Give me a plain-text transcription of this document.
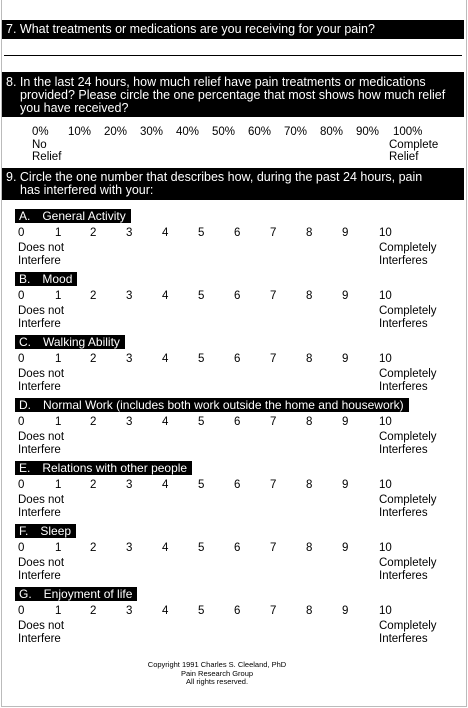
7. What treatments or medications are you receiving for your pain?
8. In the last 24 hours, how much relief have pain treatments or medications
provided? Please circle the one percentage that most shows how much relief
you have received?
0% 10% 20% 30% 40% 50% 60% 70% 80% 90% 100%
No
Relief
Complete
Relief
9. Circle the one number that describes how, during the past 24 hours, pain
has interfered with your:
A. General Activity
0	1 2	3	4	5	6	7	8	9	10
Does not
Interfere
Completely
Interferes
B. Mood
0	1 2	3	4	5	6	7	8	9	10
Does not
Interfere
Completely
Interferes
C. Walking Ability
0	1 2	3	4	5	6	7	8	9	10
Does not
Interfere
Completely
Interferes
D. Normal Work (includes both work outside the home and housework)
0	1 2	3	4	5	6	7	8	9	10
Does not
Interfere
Completely
Interferes
E. Relations with other people
0	1 2	3	4	5	6	7	8	9	10
Does not
Interfere
Completely
Interferes
F. Sleep
0	1 2	3	4	5	6	7	8	9	10
Does not
Interfere
Completely
Interferes
G. Enjoyment of life
0	1 2	3	4	5	6	7	8	9	10
Does not
Interfere
Completely
Interferes
Copyright 1991 Charles S. Cleeland, PhD
Pain Research Group
All rights reserved.
